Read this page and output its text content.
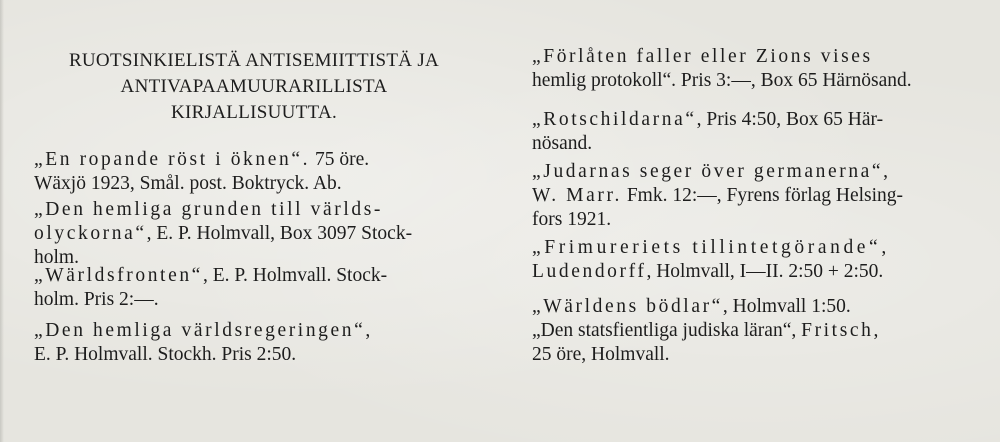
RUOTSINKIELISTÄ ANTISEMIITTISTÄ JA
ANTIVAPAAMUURARILLISTA
KIRJALLISUUTTA.
„En ropande röst i öknen“. 75 öre.
Wäxjö 1923, Smål. post. Boktryck. Ab.
„Den hemliga grunden till världs-
olyckorna“, E. P. Holmvall, Box 3097 Stock-
holm.
„Wärldsfronten“, E. P. Holmvall. Stock-
holm. Pris 2:—.
„Den hemliga världsregeringen“,
E. P. Holmvall. Stockh. Pris 2:50.
„Förlåten faller eller Zions vises
hemlig protokoll“. Pris 3:—, Box 65 Härnösand.
„Rotschildarna“, Pris 4:50, Box 65 Här-
nösand.
„Judarnas seger över germanerna“,
W. Marr. Fmk. 12:—, Fyrens förlag Helsing-
fors 1921.
„Frimureriets tillintetgörande“,
Ludendorff, Holmvall, I—II. 2:50 + 2:50.
„Wärldens bödlar“, Holmvall 1:50.
„Den statsfientliga judiska läran“, Fritsch,
25 öre, Holmvall.
